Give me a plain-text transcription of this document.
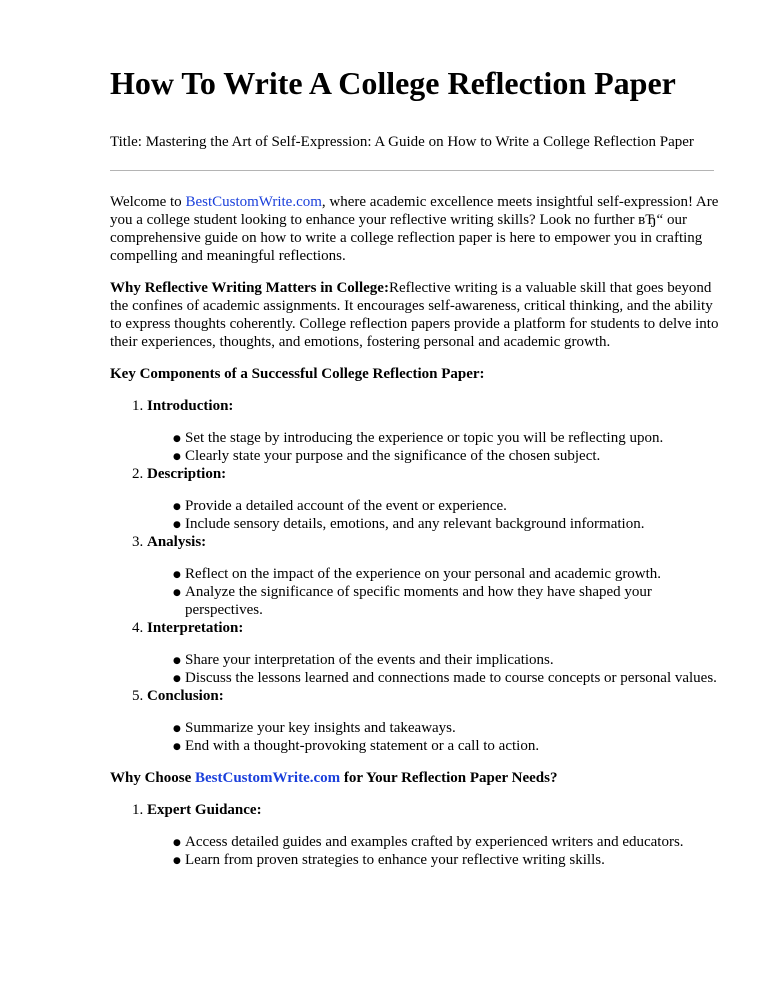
How To Write A College Reflection Paper

Title: Mastering the Art of Self-Expression: A Guide on How to Write a College Reflection Paper

Welcome to BestCustomWrite.com, where academic excellence meets insightful self-expression! Are you a college student looking to enhance your reflective writing skills? Look no further вЂ“ our comprehensive guide on how to write a college reflection paper is here to empower you in crafting compelling and meaningful reflections.

Why Reflective Writing Matters in College:Reflective writing is a valuable skill that goes beyond the confines of academic assignments. It encourages self-awareness, critical thinking, and the ability to express thoughts coherently. College reflection papers provide a platform for students to delve into their experiences, thoughts, and emotions, fostering personal and academic growth.

Key Components of a Successful College Reflection Paper:

1. Introduction:
● Set the stage by introducing the experience or topic you will be reflecting upon.
● Clearly state your purpose and the significance of the chosen subject.
2. Description:
● Provide a detailed account of the event or experience.
● Include sensory details, emotions, and any relevant background information.
3. Analysis:
● Reflect on the impact of the experience on your personal and academic growth.
● Analyze the significance of specific moments and how they have shaped your perspectives.
4. Interpretation:
● Share your interpretation of the events and their implications.
● Discuss the lessons learned and connections made to course concepts or personal values.
5. Conclusion:
● Summarize your key insights and takeaways.
● End with a thought-provoking statement or a call to action.

Why Choose BestCustomWrite.com for Your Reflection Paper Needs?

1. Expert Guidance:
● Access detailed guides and examples crafted by experienced writers and educators.
● Learn from proven strategies to enhance your reflective writing skills.
